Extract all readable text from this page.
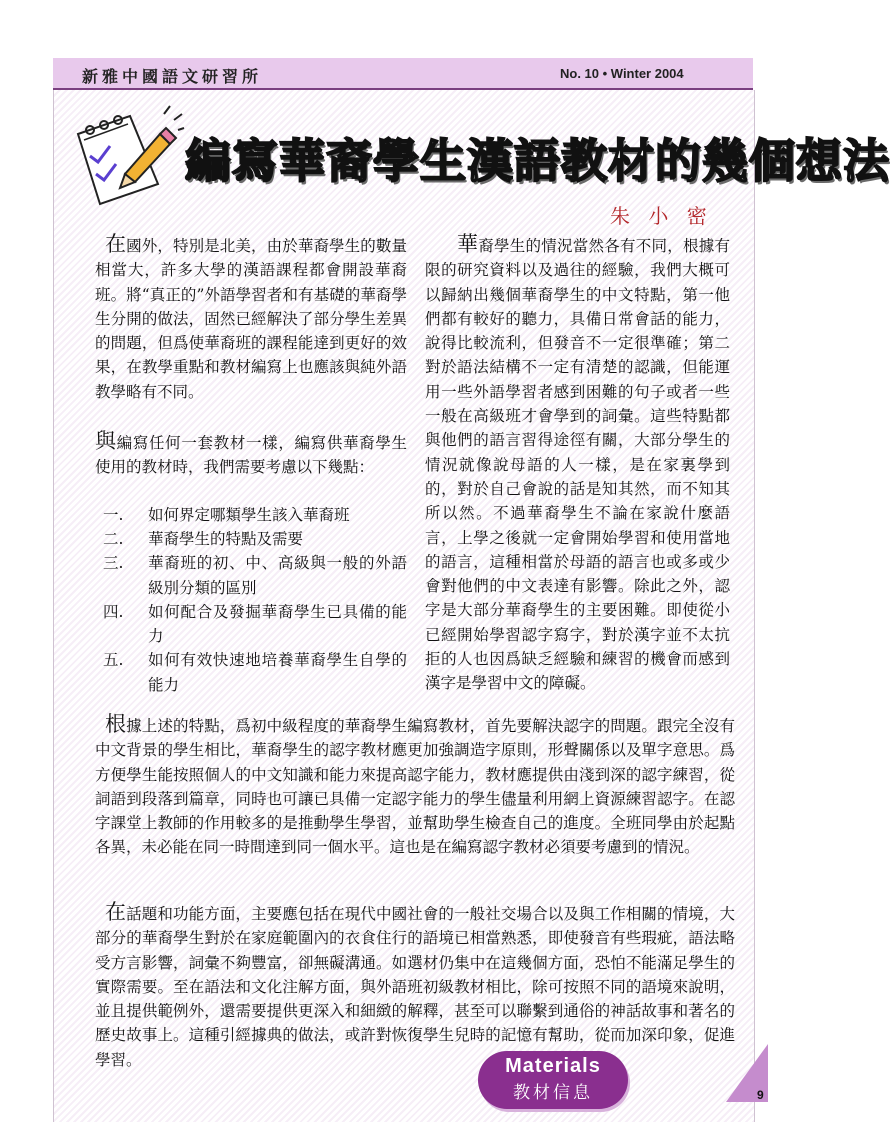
新雅中國語文研習所	No. 10 • Winter 2004
編寫華裔學生漢語教材的幾個想法
朱 小 密

在國外，特別是北美，由於華裔學生的數量相當大，許多大學的漢語課程都會開設華裔班。將“真正的”外語學習者和有基礎的華裔學生分開的做法，固然已經解決了部分學生差異的問題，但爲使華裔班的課程能達到更好的效果，在教學重點和教材編寫上也應該與純外語教學略有不同。

與編寫任何一套教材一樣，編寫供華裔學生使用的教材時，我們需要考慮以下幾點：

一.	如何界定哪類學生該入華裔班
二.	華裔學生的特點及需要
三.	華裔班的初、中、高級與一般的外語級別分類的區別
四.	如何配合及發掘華裔學生已具備的能力
五.	如何有效快速地培養華裔學生自學的能力

華裔學生的情況當然各有不同，根據有限的研究資料以及過往的經驗，我們大概可以歸納出幾個華裔學生的中文特點，第一他們都有較好的聽力，具備日常會話的能力，說得比較流利，但發音不一定很準確；第二對於語法結構不一定有清楚的認識，但能運用一些外語學習者感到困難的句子或者一些一般在高級班才會學到的詞彙。這些特點都與他們的語言習得途徑有關，大部分學生的情況就像說母語的人一樣，是在家裏學到的，對於自己會說的話是知其然，而不知其所以然。不過華裔學生不論在家說什麼語言，上學之後就一定會開始學習和使用當地的語言，這種相當於母語的語言也或多或少會對他們的中文表達有影響。除此之外，認字是大部分華裔學生的主要困難。即使從小已經開始學習認字寫字，對於漢字並不太抗拒的人也因爲缺乏經驗和練習的機會而感到漢字是學習中文的障礙。

根據上述的特點，爲初中級程度的華裔學生編寫教材，首先要解決認字的問題。跟完全沒有中文背景的學生相比，華裔學生的認字教材應更加強調造字原則，形聲關係以及單字意思。爲方便學生能按照個人的中文知識和能力來提高認字能力，教材應提供由淺到深的認字練習，從詞語到段落到篇章，同時也可讓已具備一定認字能力的學生儘量利用網上資源練習認字。在認字課堂上教師的作用較多的是推動學生學習，並幫助學生檢查自己的進度。全班同學由於起點各異，未必能在同一時間達到同一個水平。這也是在編寫認字教材必須要考慮到的情況。

在話題和功能方面，主要應包括在現代中國社會的一般社交場合以及與工作相關的情境，大部分的華裔學生對於在家庭範圍內的衣食住行的語境已相當熟悉，即使發音有些瑕疵，語法略受方言影響，詞彙不夠豐富，卻無礙溝通。如選材仍集中在這幾個方面，恐怕不能滿足學生的實際需要。至在語法和文化注解方面，與外語班初級教材相比，除可按照不同的語境來說明，並且提供範例外，還需要提供更深入和細緻的解釋，甚至可以聯繫到通俗的神話故事和著名的歷史故事上。這種引經據典的做法，或許對恢復學生兒時的記憶有幫助，從而加深印象，促進學習。	Materials
教材信息	9
